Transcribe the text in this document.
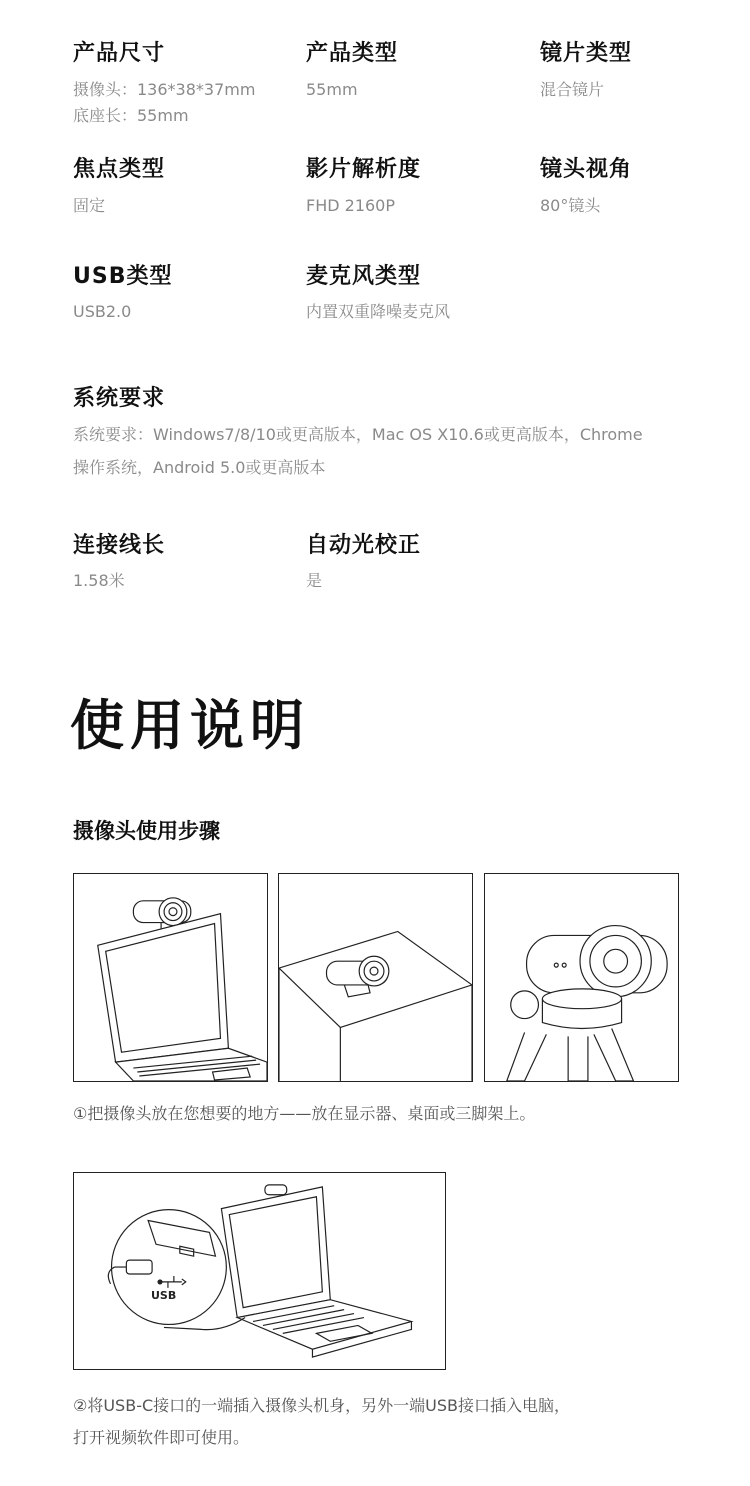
产品尺寸
摄像头：136*38*37mm
底座长：55mm
产品类型
55mm
镜片类型
混合镜片
焦点类型
固定
影片解析度
FHD 2160P
镜头视角
80°镜头
USB类型
USB2.0
麦克风类型
内置双重降噪麦克风
系统要求
系统要求：Windows7/8/10或更高版本，Mac OS X10.6或更高版本，Chrome
操作系统，Android 5.0或更高版本
连接线长
1.58米
自动光校正
是
使用说明
摄像头使用步骤
①把摄像头放在您想要的地方——放在显示器、桌面或三脚架上。
USB
②将USB-C接口的一端插入摄像头机身，另外一端USB接口插入电脑，
打开视频软件即可使用。
